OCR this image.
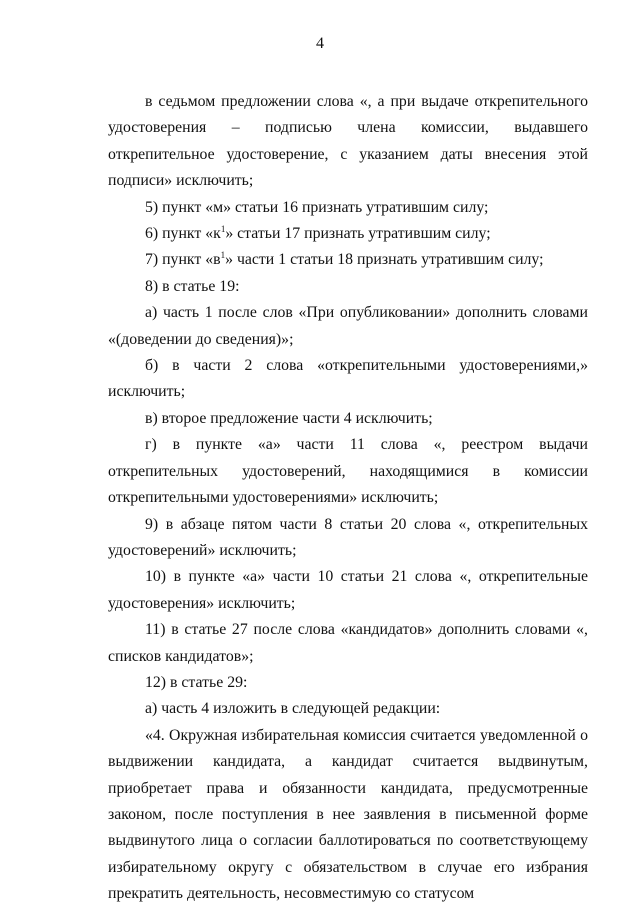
4

в седьмом предложении слова «, а при выдаче открепительного удостоверения – подписью члена комиссии, выдавшего открепительное удостоверение, с указанием даты внесения этой подписи» исключить;

5) пункт «м» статьи 16 признать утратившим силу;

6) пункт «$к^1$» статьи 17 признать утратившим силу;

7) пункт «$в^1$» части 1 статьи 18 признать утратившим силу;

8) в статье 19:

а) часть 1 после слов «При опубликовании» дополнить словами «(доведении до сведения)»;

б) в части 2 слова «открепительными удостоверениями,» исключить;

в) второе предложение части 4 исключить;

г) в пункте «а» части 11 слова «, реестром выдачи открепительных удостоверений, находящимися в комиссии открепительными удостоверениями» исключить;

9) в абзаце пятом части 8 статьи 20 слова «, открепительных удостоверений» исключить;

10) в пункте «а» части 10 статьи 21 слова «, открепительные удостоверения» исключить;

11) в статье 27 после слова «кандидатов» дополнить словами «, списков кандидатов»;

12) в статье 29:

а) часть 4 изложить в следующей редакции:

«4. Окружная избирательная комиссия считается уведомленной о выдвижении кандидата, а кандидат считается выдвинутым, приобретает права и обязанности кандидата, предусмотренные законом, после поступления в нее заявления в письменной форме выдвинутого лица о согласии баллотироваться по соответствующему избирательному округу с обязательством в случае его избрания прекратить деятельность, несовместимую со статусом
